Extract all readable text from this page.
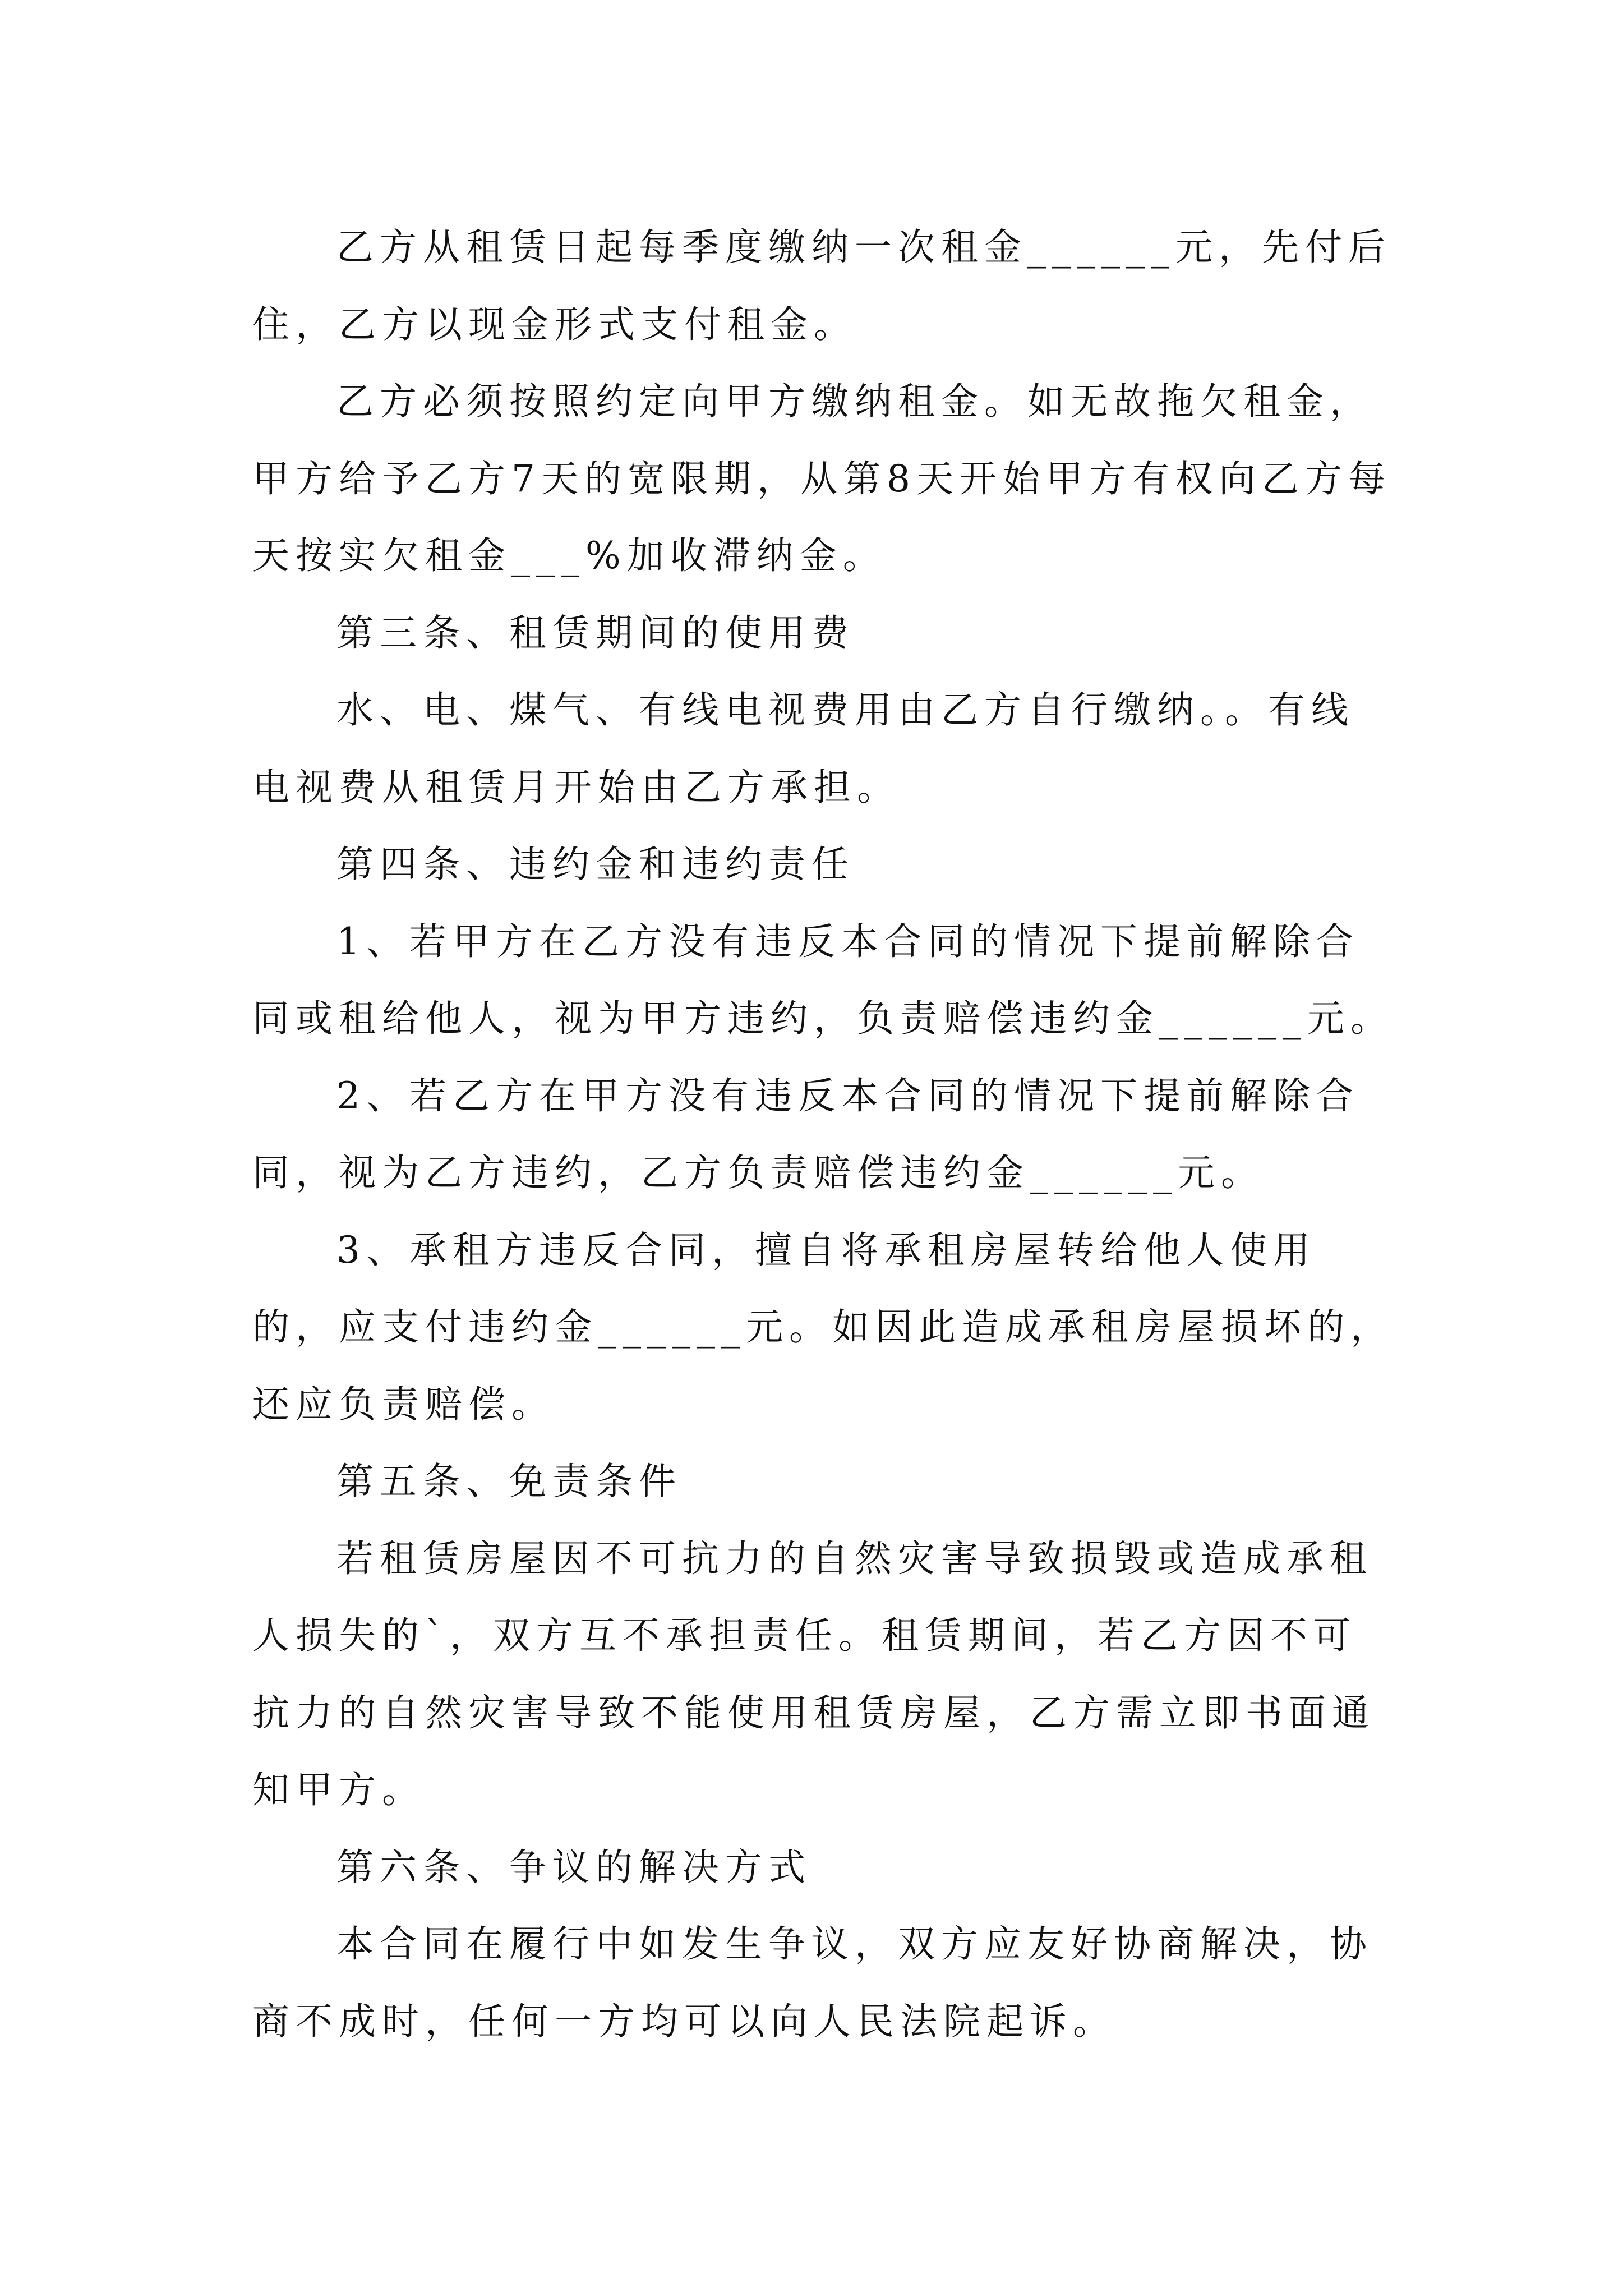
乙方从租赁日起每季度缴纳一次租金______元，先付后住，乙方以现金形式支付租金。

乙方必须按照约定向甲方缴纳租金。如无故拖欠租金，甲方给予乙方7天的宽限期，从第8天开始甲方有权向乙方每天按实欠租金___%加收滞纳金。

第三条、租赁期间的使用费

水、电、煤气、有线电视费用由乙方自行缴纳。。有线电视费从租赁月开始由乙方承担。

第四条、违约金和违约责任

1、若甲方在乙方没有违反本合同的情况下提前解除合同或租给他人，视为甲方违约，负责赔偿违约金______元。

2、若乙方在甲方没有违反本合同的情况下提前解除合同，视为乙方违约，乙方负责赔偿违约金______元。

3、承租方违反合同，擅自将承租房屋转给他人使用的，应支付违约金______元。如因此造成承租房屋损坏的，还应负责赔偿。

第五条、免责条件

若租赁房屋因不可抗力的自然灾害导致损毁或造成承租人损失的`，双方互不承担责任。租赁期间，若乙方因不可抗力的自然灾害导致不能使用租赁房屋，乙方需立即书面通知甲方。

第六条、争议的解决方式

本合同在履行中如发生争议，双方应友好协商解决，协商不成时，任何一方均可以向人民法院起诉。
